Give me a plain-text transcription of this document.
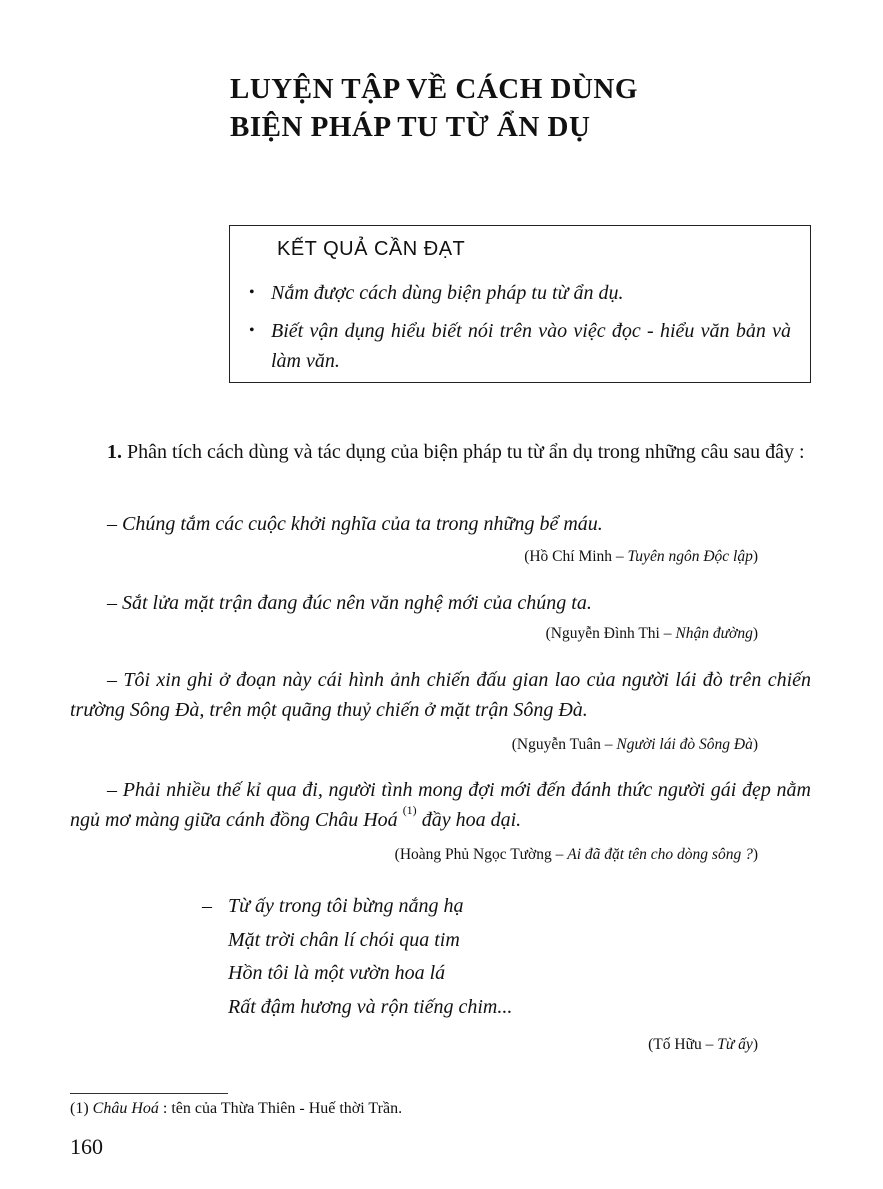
LUYỆN TẬP VỀ CÁCH DÙNG
BIỆN PHÁP TU TỪ ẨN DỤ
KẾT QUẢ CẦN ĐẠT
• Nắm được cách dùng biện pháp tu từ ẩn dụ.
• Biết vận dụng hiểu biết nói trên vào việc đọc - hiểu văn bản và làm văn.

1. Phân tích cách dùng và tác dụng của biện pháp tu từ ẩn dụ trong những câu sau đây :

– Chúng tắm các cuộc khởi nghĩa của ta trong những bể máu.

(Hồ Chí Minh – Tuyên ngôn Độc lập)

– Sắt lửa mặt trận đang đúc nên văn nghệ mới của chúng ta.

(Nguyễn Đình Thi – Nhận đường)

– Tôi xin ghi ở đoạn này cái hình ảnh chiến đấu gian lao của người lái đò trên chiến trường Sông Đà, trên một quãng thuỷ chiến ở mặt trận Sông Đà.

(Nguyễn Tuân – Người lái đò Sông Đà)

– Phải nhiều thế kỉ qua đi, người tình mong đợi mới đến đánh thức người gái đẹp nằm ngủ mơ màng giữa cánh đồng Châu Hoá $^{(1)}$ đầy hoa dại.

(Hoàng Phủ Ngọc Tường – Ai đã đặt tên cho dòng sông ?)
– Từ ấy trong tôi bừng nắng hạ
Mặt trời chân lí chói qua tim
Hồn tôi là một vườn hoa lá
Rất đậm hương và rộn tiếng chim...
(Tố Hữu – Từ ấy)
(1) Châu Hoá : tên của Thừa Thiên - Huế thời Trần.
160
